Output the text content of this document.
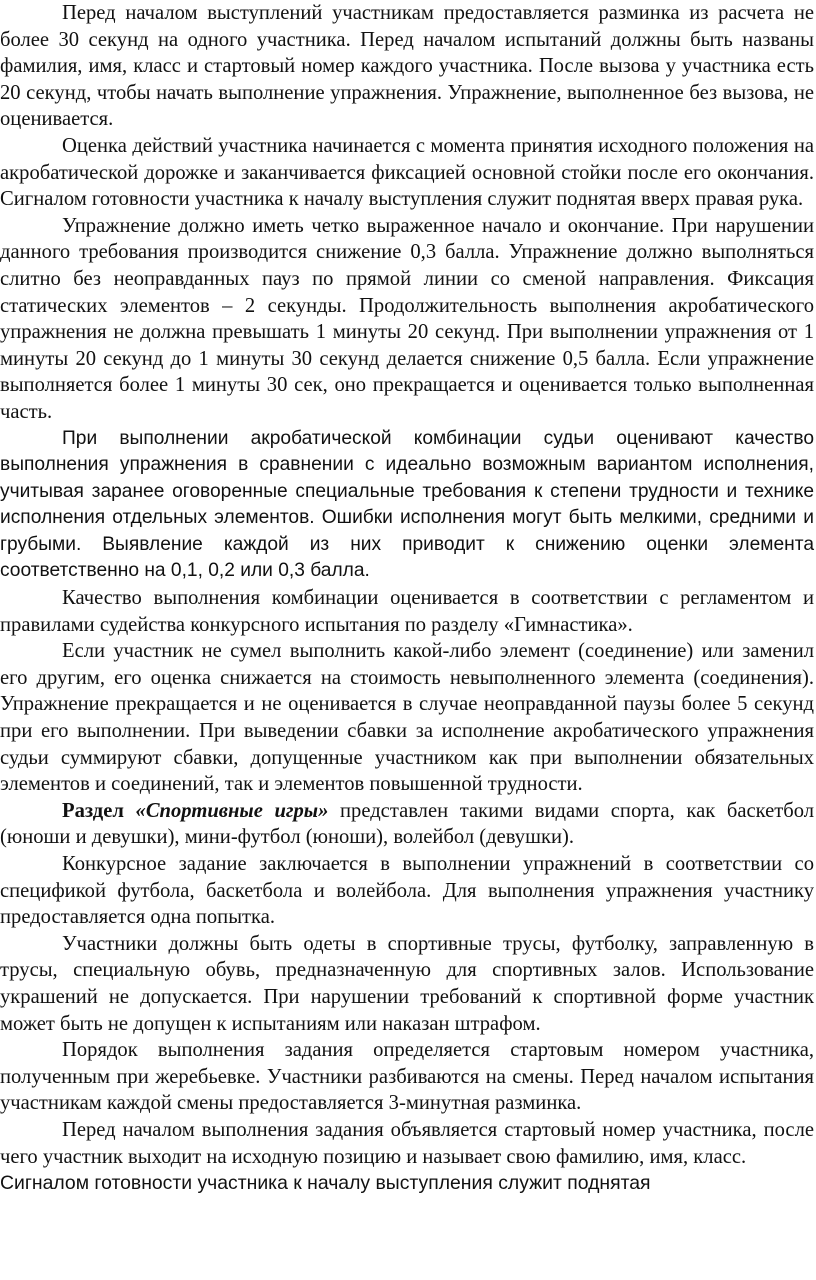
Перед началом выступлений участникам предоставляется разминка из расчета не более 30 секунд на одного участника. Перед началом испытаний должны быть названы фамилия, имя, класс и стартовый номер каждого участника. После вызова у участника есть 20 секунд, чтобы начать выполнение упражнения. Упражнение, выполненное без вызова, не оценивается.

Оценка действий участника начинается с момента принятия исходного положения на акробатической дорожке и заканчивается фиксацией основной стойки после его окончания. Сигналом готовности участника к началу выступления служит поднятая вверх правая рука.

Упражнение должно иметь четко выраженное начало и окончание. При нарушении данного требования производится снижение 0,3 балла. Упражнение должно выполняться слитно без неоправданных пауз по прямой линии со сменой направления. Фиксация статических элементов – 2 секунды. Продолжительность выполнения акробатического упражнения не должна превышать 1 минуты 20 секунд. При выполнении упражнения от 1 минуты 20 секунд до 1 минуты 30 секунд делается снижение 0,5 балла. Если упражнение выполняется более 1 минуты 30 сек, оно прекращается и оценивается только выполненная часть.

При выполнении акробатической комбинации судьи оценивают качество выполнения упражнения в сравнении с идеально возможным вариантом исполнения, учитывая заранее оговоренные специальные требования к степени трудности и технике исполнения отдельных элементов. Ошибки исполнения могут быть мелкими, средними и грубыми. Выявление каждой из них приводит к снижению оценки элемента соответственно на 0,1, 0,2 или 0,3 балла.

Качество выполнения комбинации оценивается в соответствии с регламентом и правилами судейства конкурсного испытания по разделу «Гимнастика».

Если участник не сумел выполнить какой-либо элемент (соединение) или заменил его другим, его оценка снижается на стоимость невыполненного элемента (соединения). Упражнение прекращается и не оценивается в случае неоправданной паузы более 5 секунд при его выполнении. При выведении сбавки за исполнение акробатического упражнения судьи суммируют сбавки, допущенные участником как при выполнении обязательных элементов и соединений, так и элементов повышенной трудности.

Раздел «Спортивные игры» представлен такими видами спорта, как баскетбол (юноши и девушки), мини-футбол (юноши), волейбол (девушки).

Конкурсное задание заключается в выполнении упражнений в соответствии со спецификой футбола, баскетбола и волейбола. Для выполнения упражнения участнику предоставляется одна попытка.

Участники должны быть одеты в спортивные трусы, футболку, заправленную в трусы, специальную обувь, предназначенную для спортивных залов. Использование украшений не допускается. При нарушении требований к спортивной форме участник может быть не допущен к испытаниям или наказан штрафом.

Порядок выполнения задания определяется стартовым номером участника, полученным при жеребьевке. Участники разбиваются на смены. Перед началом испытания участникам каждой смены предоставляется 3-минутная разминка.

Перед началом выполнения задания объявляется стартовый номер участника, после чего участник выходит на исходную позицию и называет свою фамилию, имя, класс.

Сигналом готовности участника к началу выступления служит поднятая
